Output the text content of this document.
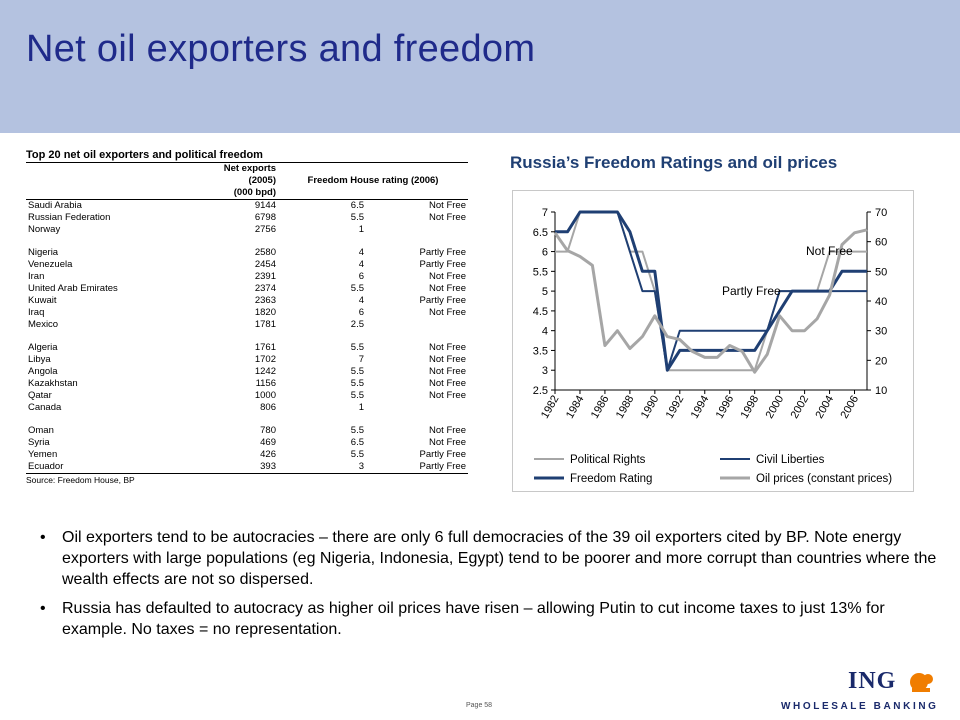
Net oil exporters and freedom
Top 20 net oil exporters and political freedom
	Net exports		
	(2005)	Freedom House rating (2006)	
	(000 bpd)		
Saudi Arabia	9144	6.5	Not Free
Russian Federation	6798	5.5	Not Free
Norway	2756	1	

Nigeria	2580	4	Partly Free
Venezuela	2454	4	Partly Free
Iran	2391	6	Not Free
United Arab Emirates	2374	5.5	Not Free
Kuwait	2363	4	Partly Free
Iraq	1820	6	Not Free
Mexico	1781	2.5	

Algeria	1761	5.5	Not Free
Libya	1702	7	Not Free
Angola	1242	5.5	Not Free
Kazakhstan	1156	5.5	Not Free
Qatar	1000	5.5	Not Free
Canada	806	1	

Oman	780	5.5	Not Free
Syria	469	6.5	Not Free
Yemen	426	5.5	Partly Free
Ecuador	393	3	Partly Free
Source: Freedom House, BP
Russia’s Freedom Ratings and oil prices
2.5
3
3.5
4
4.5
5
5.5
6
6.5
7
10
20
30
40
50
60
70
1982 1984 1986 1988 1990 1992 1994 1996 1998 2000 2002 2004 2006
Partly Free
Not Free
Political Rights	Civil Liberties
Freedom Rating	Oil prices (constant prices)
• Oil exporters tend to be autocracies – there are only 6 full democracies of the 39 oil exporters cited by BP. Note energy exporters with large populations (eg Nigeria, Indonesia, Egypt) tend to be poorer and more corrupt than countries where the wealth effects are not so dispersed.
• Russia has defaulted to autocracy as higher oil prices have risen – allowing Putin to cut income taxes to just 13% for example. No taxes = no representation.
Page 58
ING
WHOLESALE BANKING
